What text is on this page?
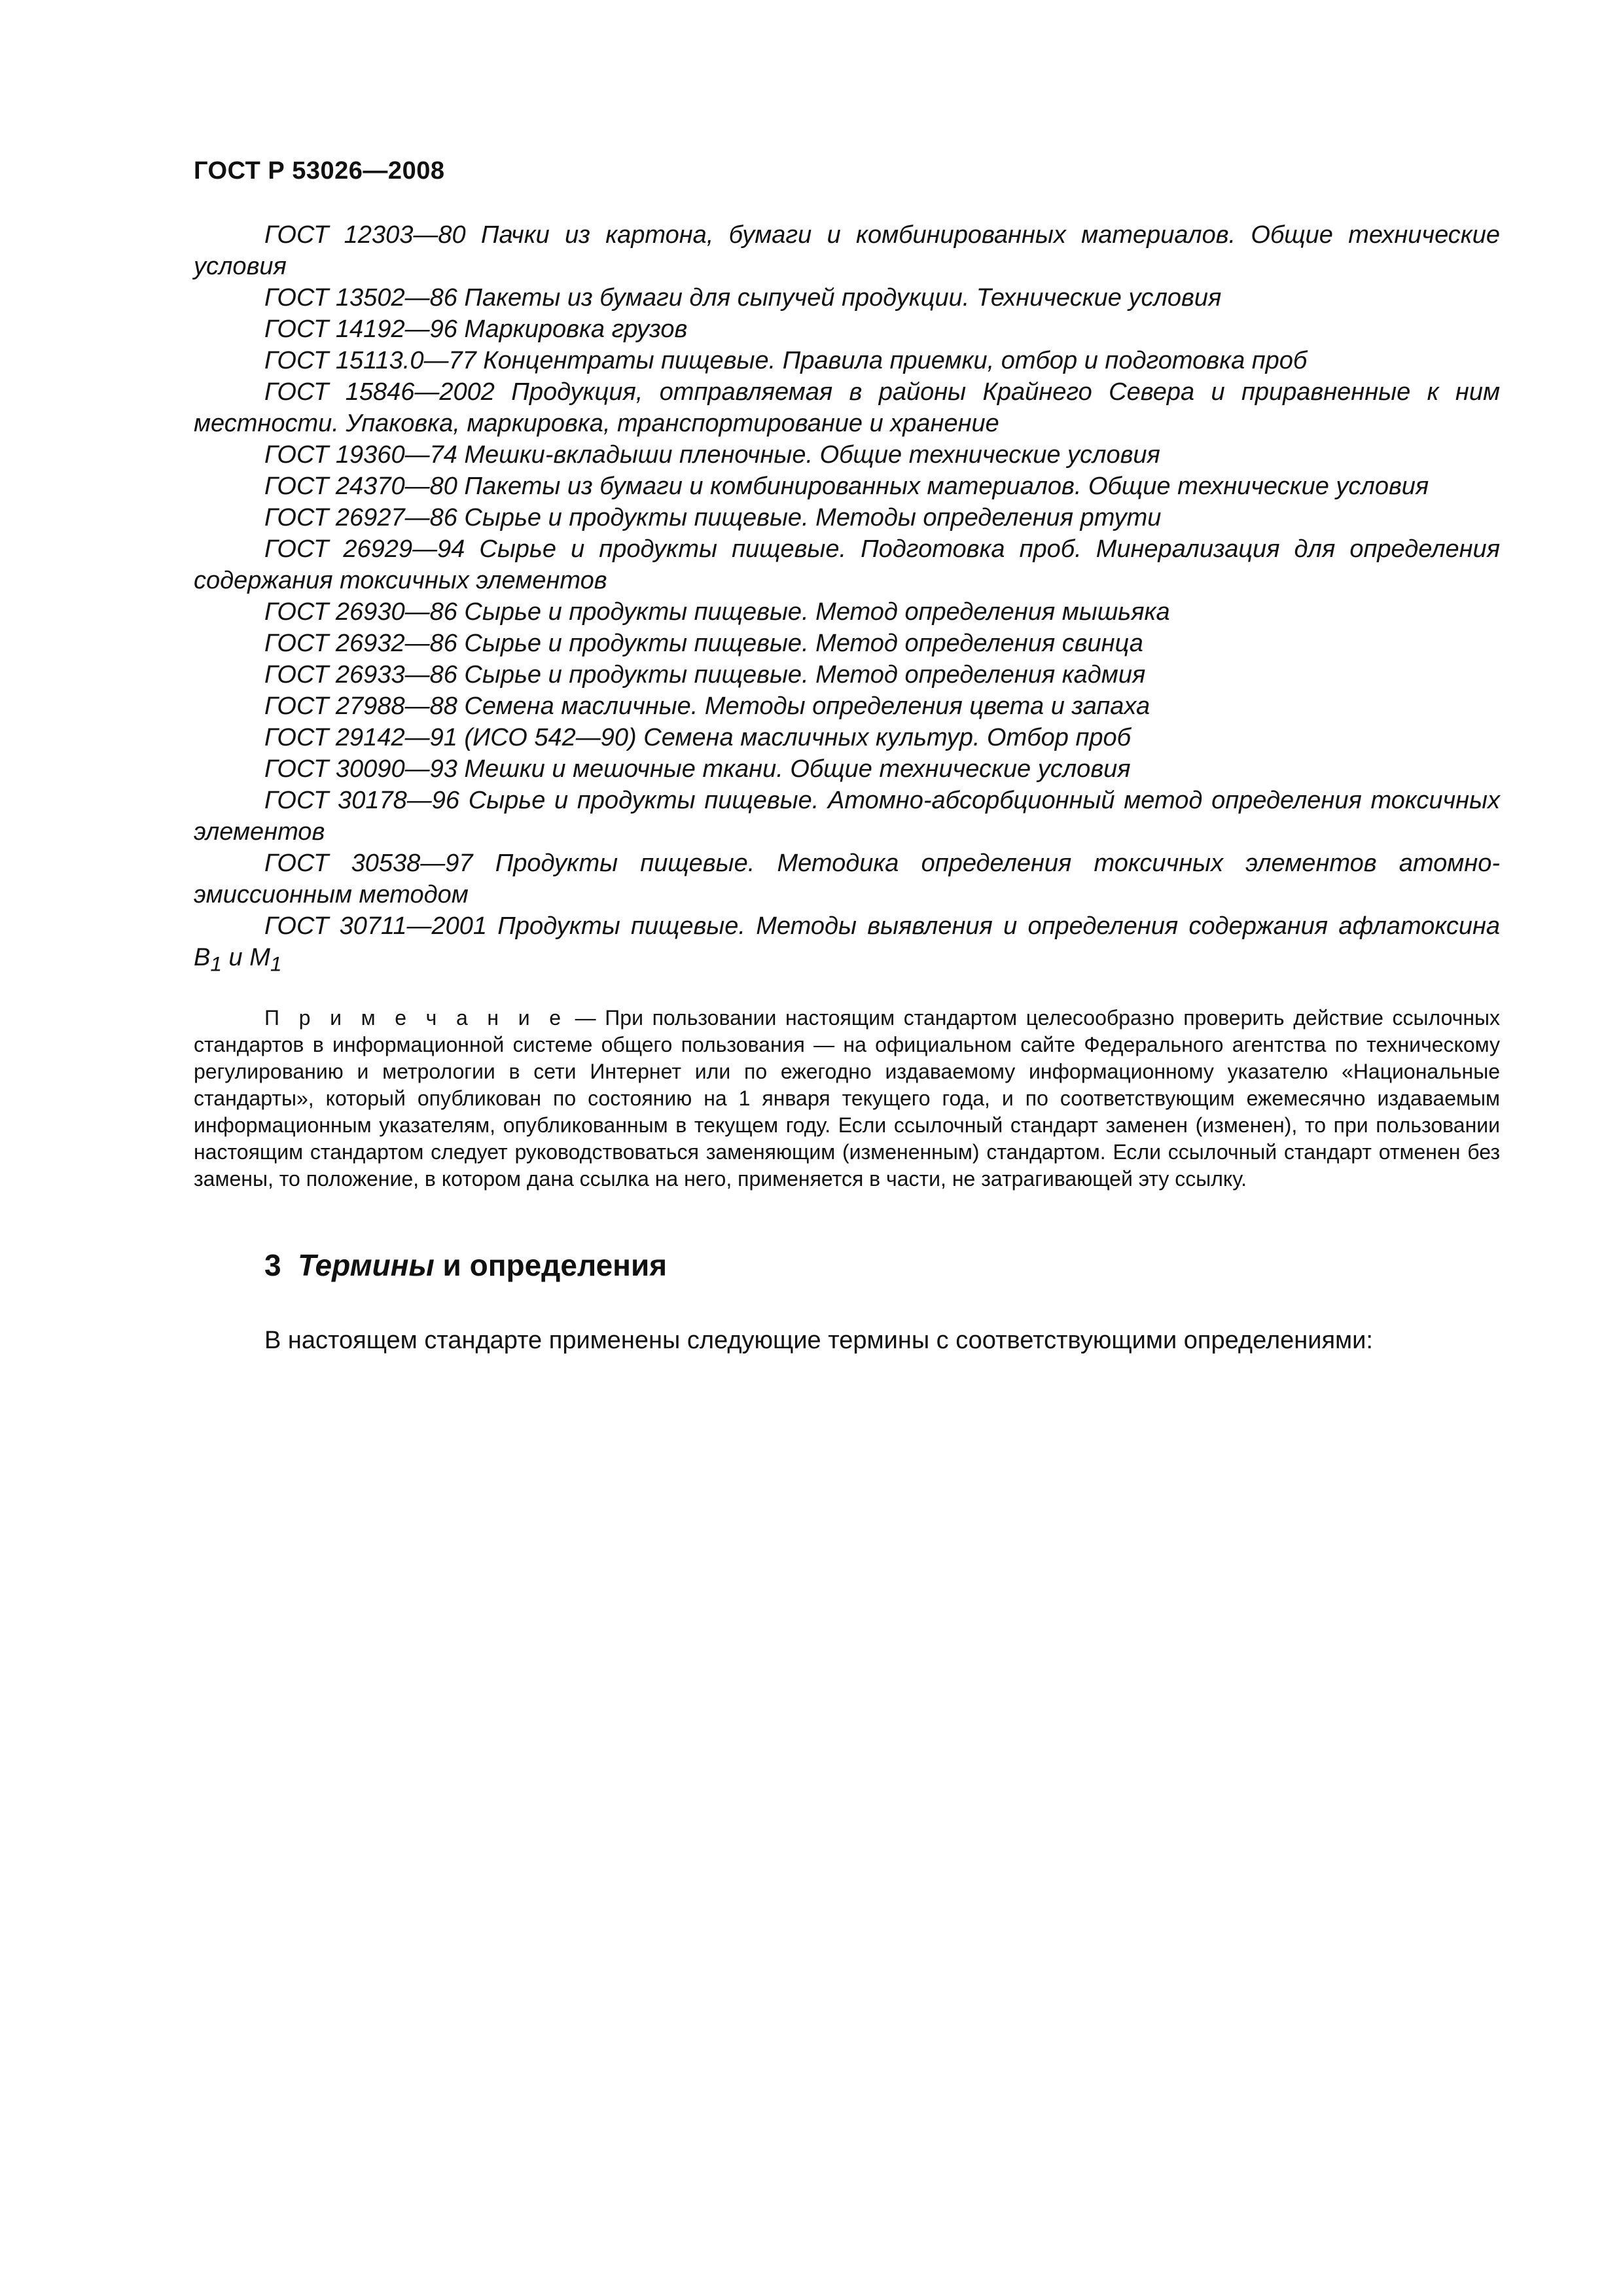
ГОСТ Р 53026—2008

ГОСТ 12303—80 Пачки из картона, бумаги и комбинированных материалов. Общие технические условия

ГОСТ 13502—86 Пакеты из бумаги для сыпучей продукции. Технические условия

ГОСТ 14192—96 Маркировка грузов

ГОСТ 15113.0—77 Концентраты пищевые. Правила приемки, отбор и подготовка проб

ГОСТ 15846—2002 Продукция, отправляемая в районы Крайнего Севера и приравненные к ним местности. Упаковка, маркировка, транспортирование и хранение

ГОСТ 19360—74 Мешки-вкладыши пленочные. Общие технические условия

ГОСТ 24370—80 Пакеты из бумаги и комбинированных материалов. Общие технические условия

ГОСТ 26927—86 Сырье и продукты пищевые. Методы определения ртути

ГОСТ 26929—94 Сырье и продукты пищевые. Подготовка проб. Минерализация для определения содержания токсичных элементов

ГОСТ 26930—86 Сырье и продукты пищевые. Метод определения мышьяка

ГОСТ 26932—86 Сырье и продукты пищевые. Метод определения свинца

ГОСТ 26933—86 Сырье и продукты пищевые. Метод определения кадмия

ГОСТ 27988—88 Семена масличные. Методы определения цвета и запаха

ГОСТ 29142—91 (ИСО 542—90) Семена масличных культур. Отбор проб

ГОСТ 30090—93 Мешки и мешочные ткани. Общие технические условия

ГОСТ 30178—96 Сырье и продукты пищевые. Атомно-абсорбционный метод определения токсичных элементов

ГОСТ 30538—97 Продукты пищевые. Методика определения токсичных элементов атомно-эмиссионным методом

ГОСТ 30711—2001 Продукты пищевые. Методы выявления и определения содержания афлатоксина $B_1$ и $M_1$

П р и м е ч а н и е — При пользовании настоящим стандартом целесообразно проверить действие ссылочных стандартов в информационной системе общего пользования — на официальном сайте Федерального агентства по техническому регулированию и метрологии в сети Интернет или по ежегодно издаваемому информационному указателю «Национальные стандарты», который опубликован по состоянию на 1 января текущего года, и по соответствующим ежемесячно издаваемым информационным указателям, опубликованным в текущем году. Если ссылочный стандарт заменен (изменен), то при пользовании настоящим стандартом следует руководствоваться заменяющим (измененным) стандартом. Если ссылочный стандарт отменен без замены, то положение, в котором дана ссылка на него, применяется в части, не затрагивающей эту ссылку.
3 Термины и определения

В настоящем стандарте применены следующие термины с соответствующими определениями:
